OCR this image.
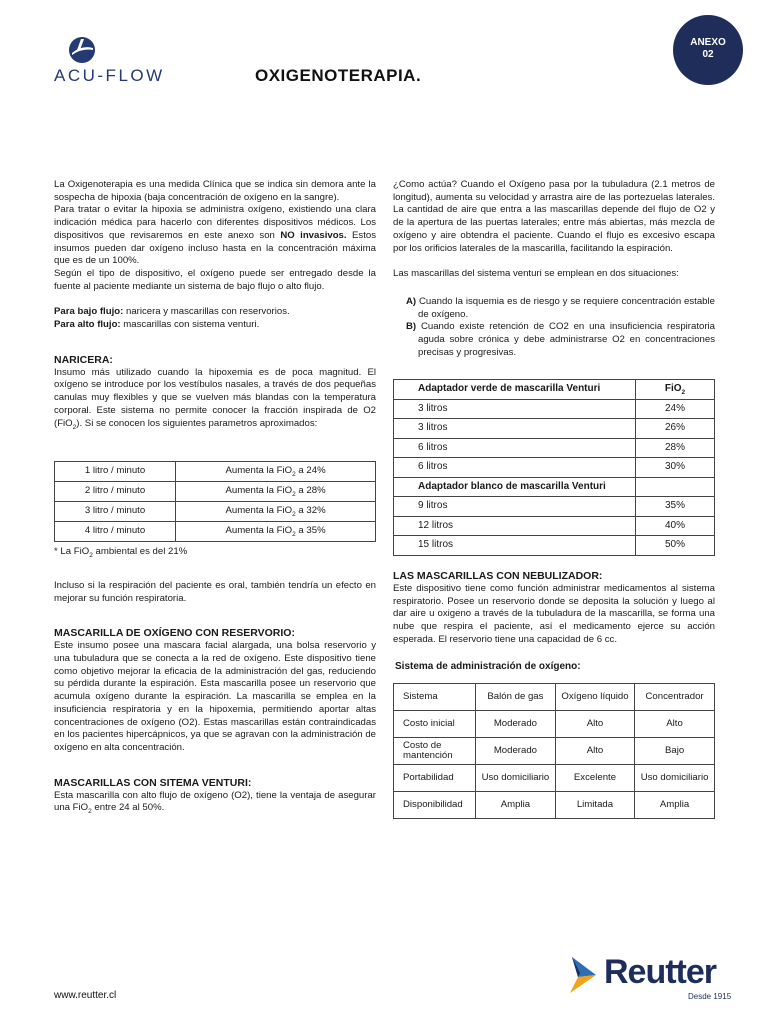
ACU-FLOW	OXIGENOTERAPIA.
ANEXO
02

La Oxigenoterapia es una medida Clínica que se indica sin demora ante la sospecha de hipoxia (baja concentración de oxígeno en la sangre).

Para tratar o evitar la hipoxia se administra oxígeno, existiendo una clara indicación médica para hacerlo con diferentes dispositivos médicos. Los dispositivos que revisaremos en este anexo son NO invasivos. Estos insumos pueden dar oxígeno incluso hasta en la concentración máxima que es de un 100%.

Según el tipo de dispositivo, el oxígeno puede ser entregado desde la fuente al paciente mediante un sistema de bajo flujo o alto flujo.

Para bajo flujo: naricera y mascarillas con reservorios.

Para alto flujo: mascarillas con sistema venturi.

NARICERA:

Insumo más utilizado cuando la hipoxemia es de poca magnitud. El oxígeno se introduce por los vestíbulos nasales, a través de dos pequeñas canulas muy flexibles y que se vuelven más blandas con la temperatura corporal. Este sistema no permite conocer la fracción inspirada de O2 (FiO$_2$). Si se conocen los siguientes parametros aproximados:

1 litro / minuto	Aumenta la FiO$_2$ a 24%
2 litro / minuto	Aumenta la FiO$_2$ a 28%
3 litro / minuto	Aumenta la FiO$_2$ a 32%
4 litro / minuto	Aumenta la FiO$_2$ a 35%

* La FiO$_2$ ambiental es del 21%

Incluso si la respiración del paciente es oral, también tendría un efecto en mejorar su función respiratoria.

MASCARILLA DE OXÍGENO CON RESERVORIO:

Este insumo posee una mascara facial alargada, una bolsa reservorio y una tubuladura que se conecta a la red de oxígeno. Este dispositivo tiene como objetivo mejorar la eficacia de la administración del gas, reduciendo su pérdida durante la espiración. Esta mascarilla posee un reservorio que acumula oxígeno durante la espiración. La mascarilla se emplea en la insuficiencia respiratoria y en la hipoxemia, permitiendo aportar altas concentraciones de oxígeno (O2). Estas mascarillas están contraindicadas en los pacientes hipercápnicos, ya que se agravan con la administración de oxígeno en alta concentración.

MASCARILLAS CON SITEMA VENTURI:

Esta mascarilla con alto flujo de oxígeno (O2), tiene la ventaja de asegurar una FiO$_2$ entre 24 al 50%.

¿Como actúa? Cuando el Oxígeno pasa por la tubuladura (2.1 metros de longitud), aumenta su velocidad y arrastra aire de las portezuelas laterales. La cantidad de aire que entra a las mascarillas depende del flujo de O2 y de la apertura de las puertas laterales; entre más abiertas, más mezcla de oxígeno y aire obtendra el paciente. Cuando el flujo es excesivo escapa por los orificios laterales de la mascarilla, facilitando la espiración.

Las mascarillas del sistema venturi se emplean en dos situaciones:

A) Cuando la isquemia es de riesgo y se requiere concentración estable de oxígeno.

B) Cuando existe retención de CO2 en una insuficiencia respiratoria aguda sobre crónica y debe administrarse O2 en concentraciones precisas y progresivas.

Adaptador verde de mascarilla Venturi	FiO$_2$
3 litros	24%
3 litros	26%
6 litros	28%
6 litros	30%
Adaptador blanco de mascarilla Venturi	
9 litros	35%
12 litros	40%
15 litros	50%

LAS MASCARILLAS CON NEBULIZADOR:

Este dispositivo tiene como función administrar medicamentos al sistema respiratorio. Posee un reservorio donde se deposita la solución y luego al dar aire u oxigeno a través de la tubuladura de la mascarilla, se forma una nube que respira el paciente, así el medicamento ejerce su acción esperada. El reservorio tiene una capacidad de 6 cc.

Sistema de administración de oxígeno:

Sistema	Balón de gas	Oxígeno líquido	Concentrador
Costo inicial	Moderado	Alto	Alto
Costo de mantención	Moderado	Alto	Bajo
Portabilidad	Uso domiciliario	Excelente	Uso domiciliario
Disponibilidad	Amplia	Limitada	Amplia
www.reutter.cl
Reutter
Desde 1915
